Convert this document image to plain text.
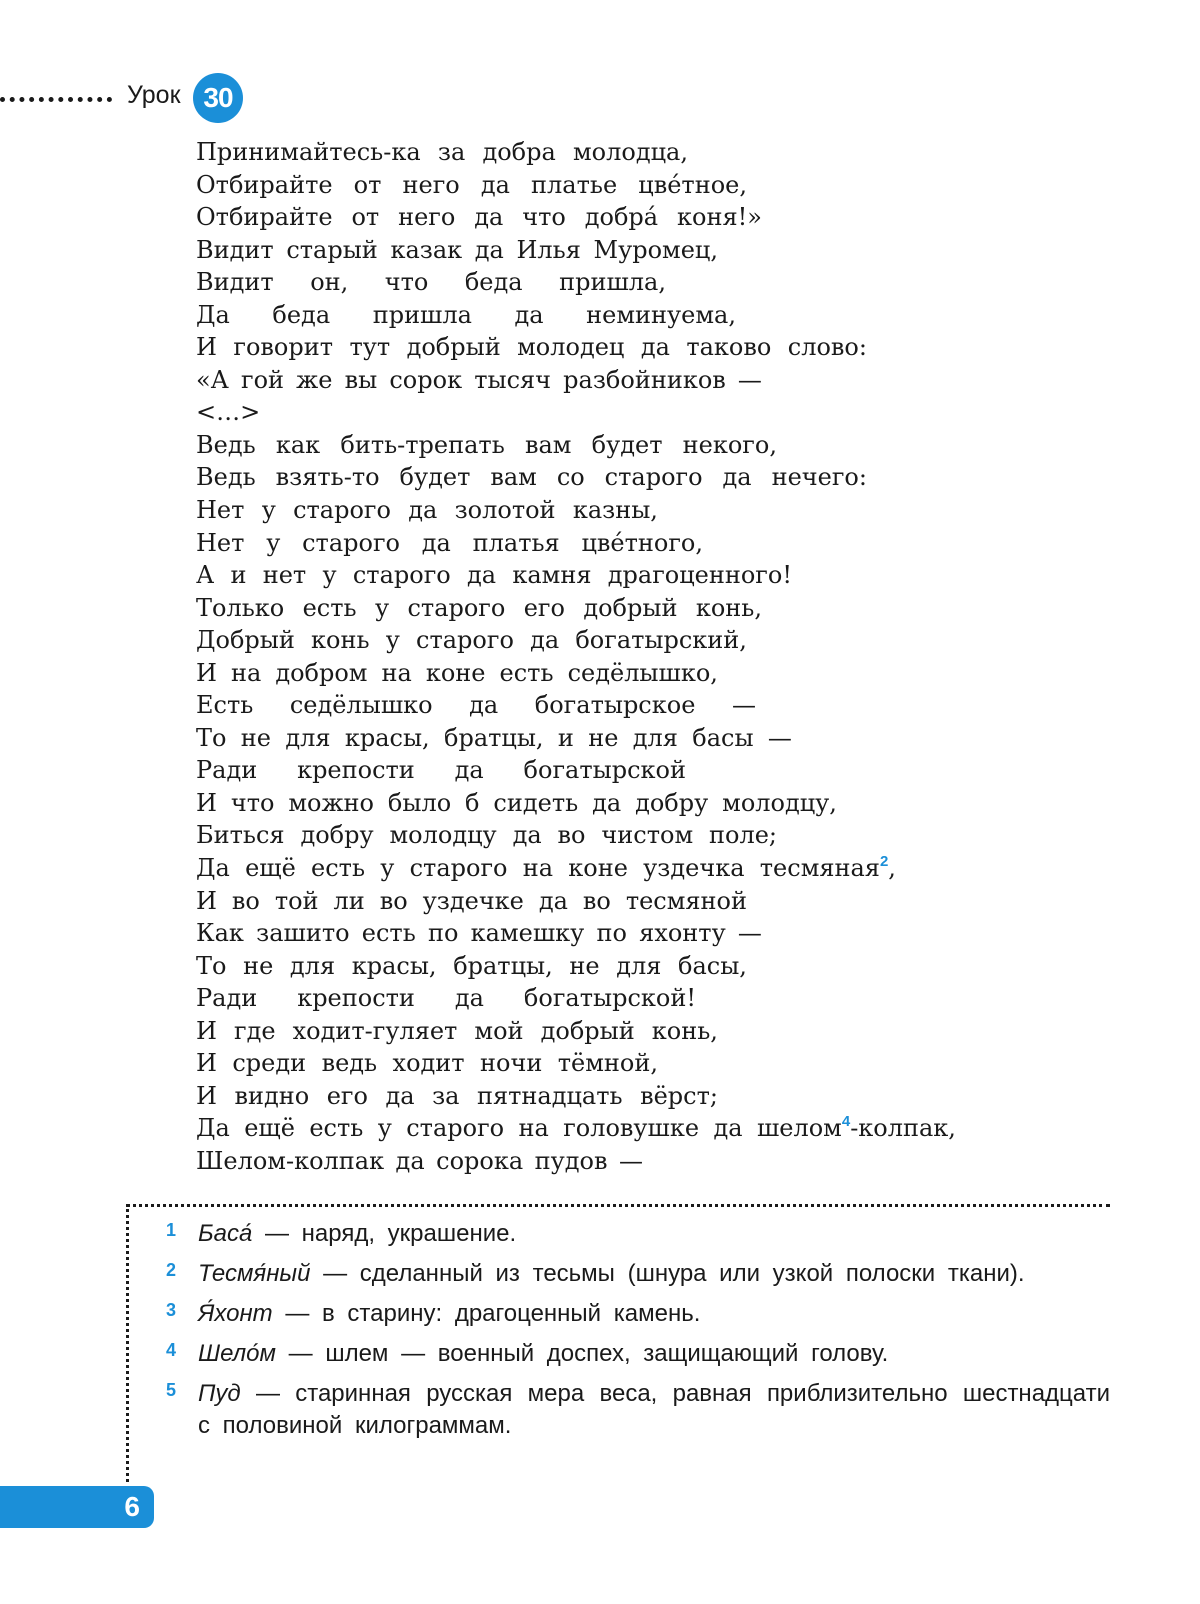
Урок 30
Принимайтесь-ка за добра молодца,
Отбирайте от него да платье цве́тное,
Отбирайте от него да что добра́ коня!»
Видит старый казак да Илья Муромец,
Видит он, что беда пришла,
Да беда пришла да неминуема,
И говорит тут добрый молодец да таково слово:
«А гой же вы сорок тысяч разбойников —
<…>
Ведь как бить-трепать вам будет некого,
Ведь взять-то будет вам со старого да нечего:
Нет у старого да золотой казны,
Нет у старого да платья цве́тного,
А и нет у старого да камня драгоценного!
Только есть у старого его добрый конь,
Добрый конь у старого да богатырский,
И на добром на коне есть седёлышко,
Есть седёлышко да богатырское —
То не для красы, братцы, и не для басы —
Ради крепости да богатырской
И что можно было б сидеть да добру молодцу,
Биться добру молодцу да во чистом поле;
Да ещё есть у старого на коне уздечка тесмяная$^2$,
И во той ли во уздечке да во тесмяной
Как зашито есть по камешку по яхонту —
То не для красы, братцы, не для басы,
Ради крепости да богатырской!
И где ходит-гуляет мой добрый конь,
И среди ведь ходит ночи тёмной,
И видно его да за пятнадцать вёрст;
Да ещё есть у старого на головушке да шелом$^4$-колпак,
Шелом-колпак да сорока пудов —
1 Баса́ — наряд, украшение.
2 Тесмя́ный — сделанный из тесьмы (шнура или узкой полоски ткани).
3 Я́хонт — в старину: драгоценный камень.
4 Шело́м — шлем — военный доспех, защищающий голову.
5 Пуд — старинная русская мера веса, равная приблизительно шестнадцати с половиной килограммам.
6
